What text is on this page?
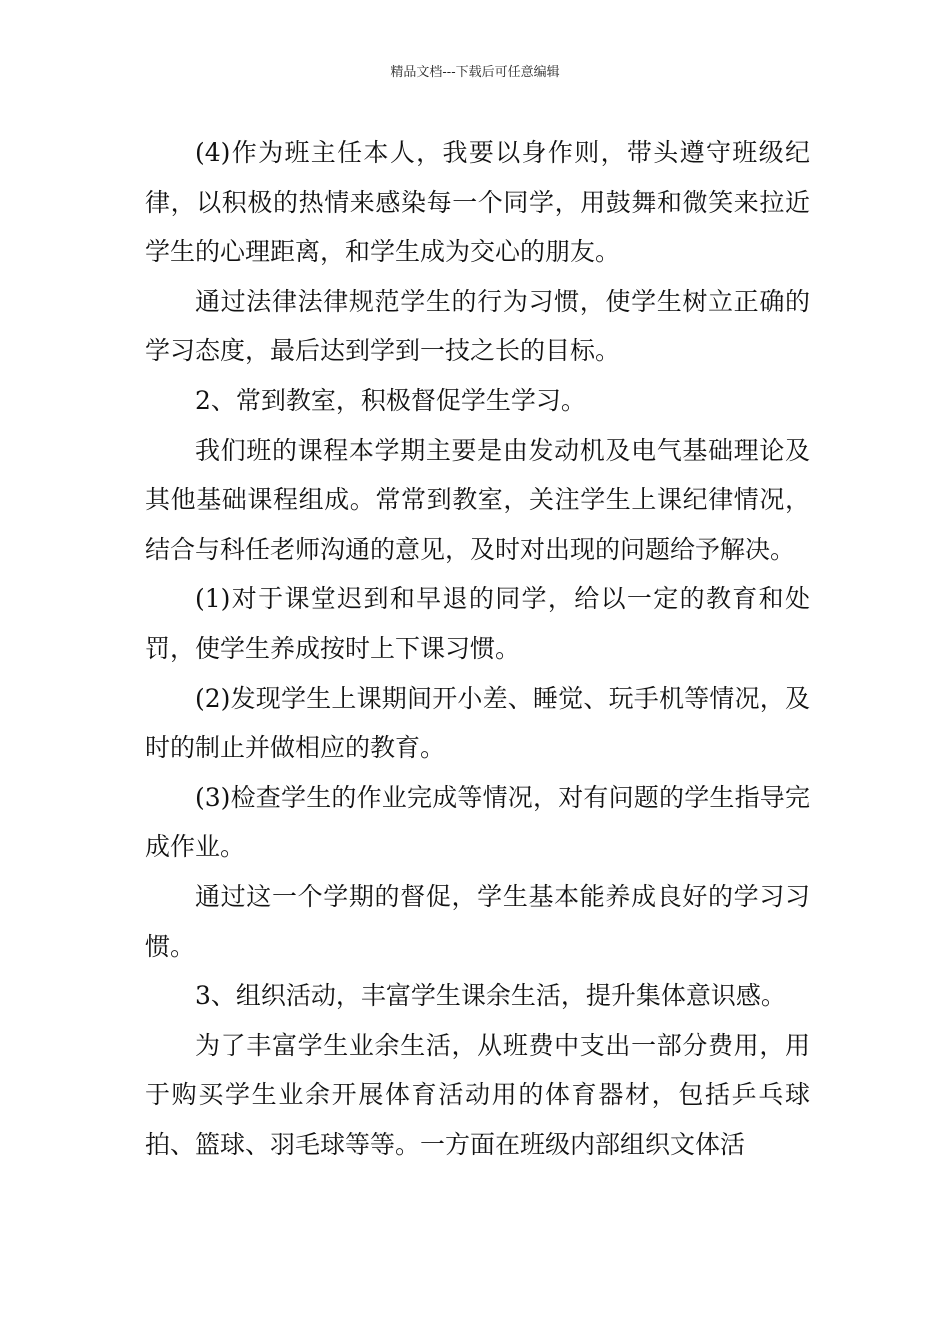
精品文档---下载后可任意编辑

(4)作为班主任本人，我要以身作则，带头遵守班级纪律，以积极的热情来感染每一个同学，用鼓舞和微笑来拉近学生的心理距离，和学生成为交心的朋友。

通过法律法律规范学生的行为习惯，使学生树立正确的学习态度，最后达到学到一技之长的目标。

2、常到教室，积极督促学生学习。

我们班的课程本学期主要是由发动机及电气基础理论及其他基础课程组成。常常到教室，关注学生上课纪律情况，结合与科任老师沟通的意见，及时对出现的问题给予解决。

(1)对于课堂迟到和早退的同学，给以一定的教育和处罚，使学生养成按时上下课习惯。

(2)发现学生上课期间开小差、睡觉、玩手机等情况，及时的制止并做相应的教育。

(3)检查学生的作业完成等情况，对有问题的学生指导完成作业。

通过这一个学期的督促，学生基本能养成良好的学习习惯。

3、组织活动，丰富学生课余生活，提升集体意识感。

为了丰富学生业余生活，从班费中支出一部分费用，用于购买学生业余开展体育活动用的体育器材，包括乒乓球拍、篮球、羽毛球等等。一方面在班级内部组织文体活
